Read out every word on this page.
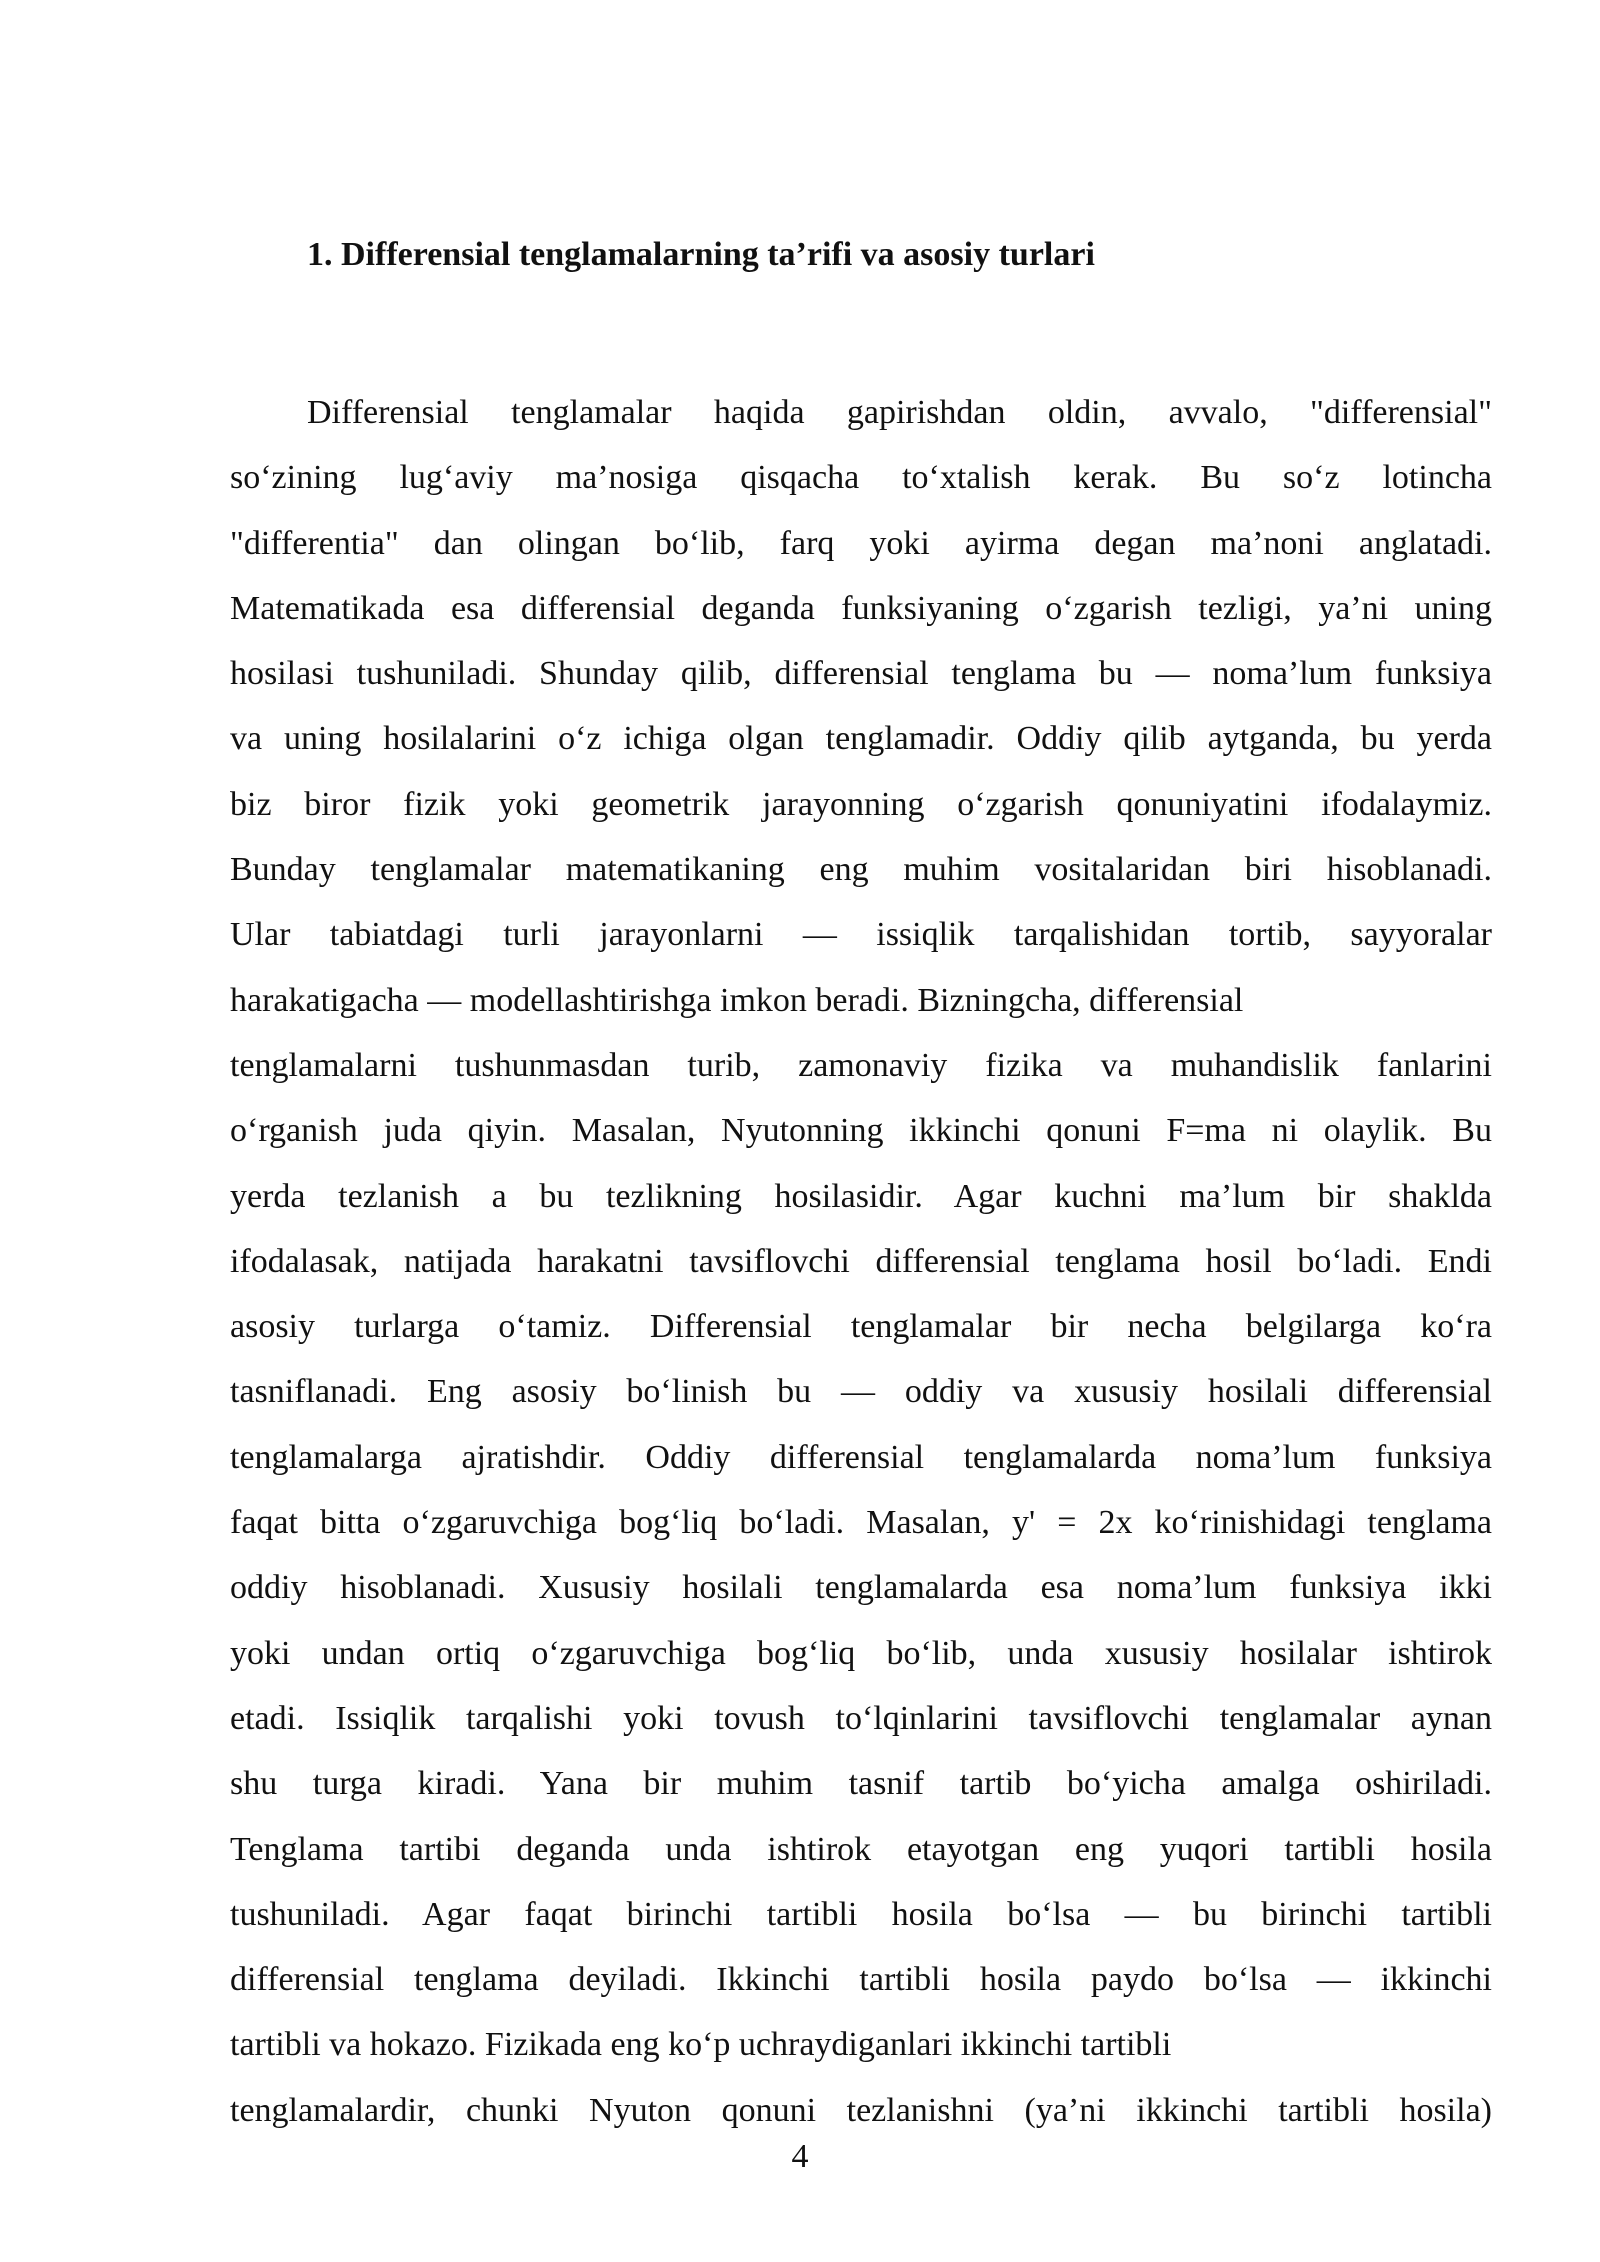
1. Differensial tenglamalarning ta’rifi va asosiy turlari
Differensial tenglamalar haqida gapirishdan oldin, avvalo, "differensial"
so‘zining lug‘aviy ma’nosiga qisqacha to‘xtalish kerak. Bu so‘z lotincha
"differentia" dan olingan bo‘lib, farq yoki ayirma degan ma’noni anglatadi.
Matematikada esa differensial deganda funksiyaning o‘zgarish tezligi, ya’ni uning
hosilasi tushuniladi. Shunday qilib, differensial tenglama bu — noma’lum funksiya
va uning hosilalarini o‘z ichiga olgan tenglamadir. Oddiy qilib aytganda, bu yerda
biz biror fizik yoki geometrik jarayonning o‘zgarish qonuniyatini ifodalaymiz.
Bunday tenglamalar matematikaning eng muhim vositalaridan biri hisoblanadi.
Ular tabiatdagi turli jarayonlarni — issiqlik tarqalishidan tortib, sayyoralar
harakatigacha — modellashtirishga imkon beradi. Bizningcha, differensial
tenglamalarni tushunmasdan turib, zamonaviy fizika va muhandislik fanlarini
o‘rganish juda qiyin. Masalan, Nyutonning ikkinchi qonuni F=ma ni olaylik. Bu
yerda tezlanish a bu tezlikning hosilasidir. Agar kuchni ma’lum bir shaklda
ifodalasak, natijada harakatni tavsiflovchi differensial tenglama hosil bo‘ladi. Endi
asosiy turlarga o‘tamiz. Differensial tenglamalar bir necha belgilarga ko‘ra
tasniflanadi. Eng asosiy bo‘linish bu — oddiy va xususiy hosilali differensial
tenglamalarga ajratishdir. Oddiy differensial tenglamalarda noma’lum funksiya
faqat bitta o‘zgaruvchiga bog‘liq bo‘ladi. Masalan, y' = 2x ko‘rinishidagi tenglama
oddiy hisoblanadi. Xususiy hosilali tenglamalarda esa noma’lum funksiya ikki
yoki undan ortiq o‘zgaruvchiga bog‘liq bo‘lib, unda xususiy hosilalar ishtirok
etadi. Issiqlik tarqalishi yoki tovush to‘lqinlarini tavsiflovchi tenglamalar aynan
shu turga kiradi. Yana bir muhim tasnif tartib bo‘yicha amalga oshiriladi.
Tenglama tartibi deganda unda ishtirok etayotgan eng yuqori tartibli hosila
tushuniladi. Agar faqat birinchi tartibli hosila bo‘lsa — bu birinchi tartibli
differensial tenglama deyiladi. Ikkinchi tartibli hosila paydo bo‘lsa — ikkinchi
tartibli va hokazo. Fizikada eng ko‘p uchraydiganlari ikkinchi tartibli
tenglamalardir, chunki Nyuton qonuni tezlanishni (ya’ni ikkinchi tartibli hosila)
4
